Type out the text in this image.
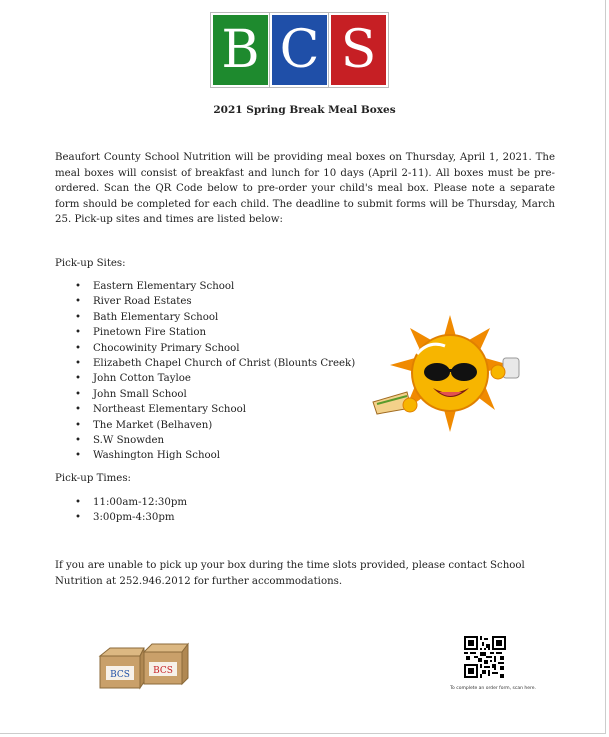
B C S
2021 Spring Break Meal Boxes
Beaufort County School Nutrition will be providing meal boxes on Thursday, April 1, 2021. The meal boxes will consist of breakfast and lunch for 10 days (April 2-11). All boxes must be pre-ordered. Scan the QR Code below to pre-order your child's meal box. Please note a separate form should be completed for each child. The deadline to submit forms will be Thursday, March 25. Pick-up sites and times are listed below:
Pick-up Sites:
• Eastern Elementary School
• River Road Estates
• Bath Elementary School
• Pinetown Fire Station
• Chocowinity Primary School
• Elizabeth Chapel Church of Christ (Blounts Creek)
• John Cotton Tayloe
• John Small School
• Northeast Elementary School
• The Market (Belhaven)
• S.W Snowden
• Washington High School
Pick-up Times:
• 11:00am-12:30pm
• 3:00pm-4:30pm
If you are unable to pick up your box during the time slots provided, please contact School Nutrition at 252.946.2012 for further accommodations.
BCS	BCS
To complete an order form, scan here.
